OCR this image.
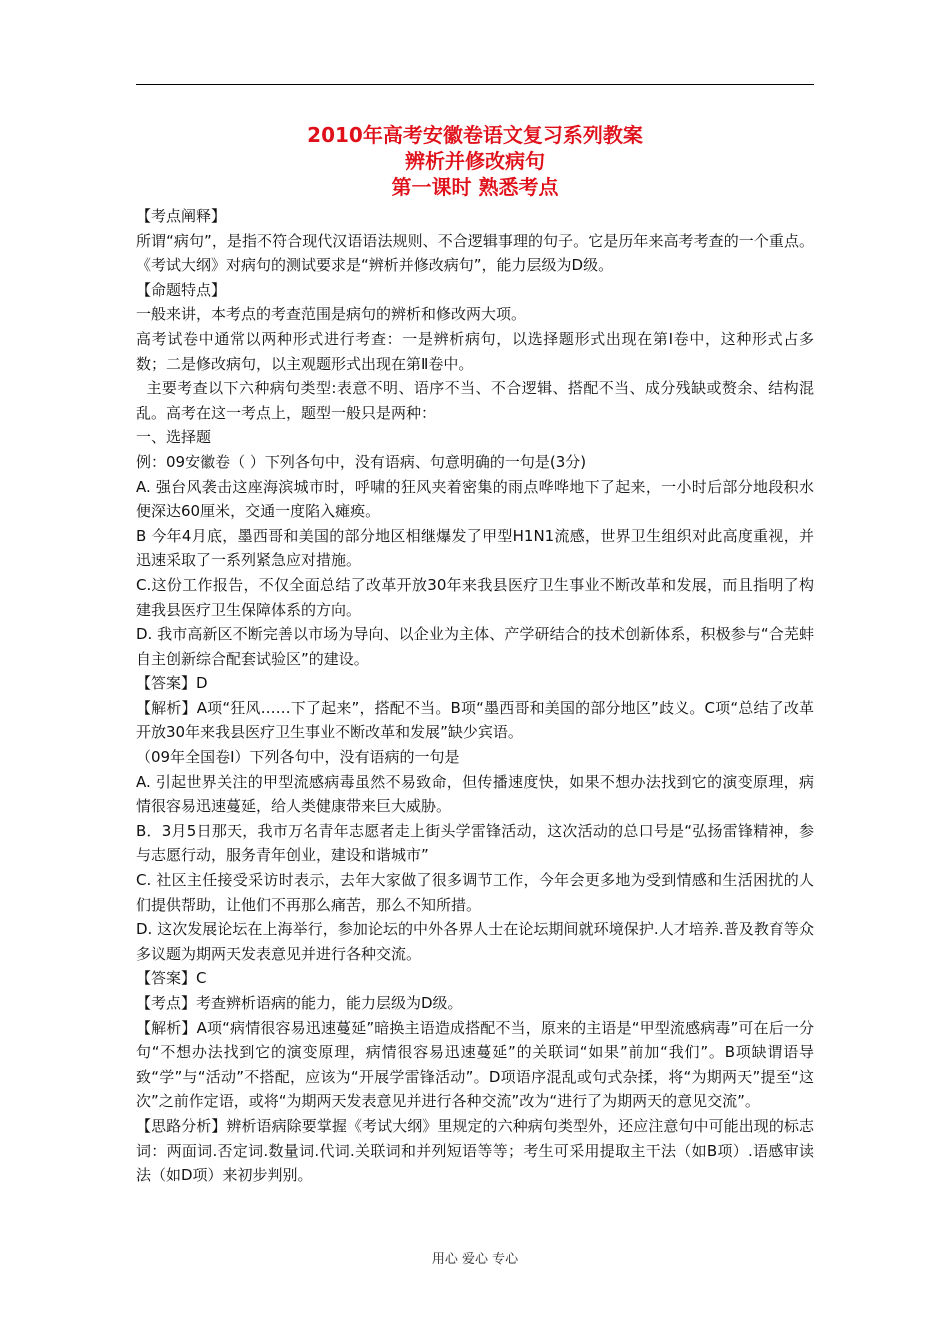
2010年高考安徽卷语文复习系列教案
辨析并修改病句
第一课时 熟悉考点

【考点阐释】

所谓“病句”，是指不符合现代汉语语法规则、不合逻辑事理的句子。它是历年来高考考查的一个重点。《考试大纲》对病句的测试要求是“辨析并修改病句”，能力层级为D级。

【命题特点】

一般来讲，本考点的考查范围是病句的辨析和修改两大项。

高考试卷中通常以两种形式进行考查：一是辨析病句，以选择题形式出现在第Ⅰ卷中，这种形式占多数；二是修改病句，以主观题形式出现在第Ⅱ卷中。

主要考查以下六种病句类型:表意不明、语序不当、不合逻辑、搭配不当、成分残缺或赘余、结构混乱。高考在这一考点上，题型一般只是两种：

一、选择题

例：09安徽卷（ ）下列各句中，没有语病、句意明确的一句是(3分)

A. 强台风袭击这座海滨城市时，呼啸的狂风夹着密集的雨点哗哗地下了起来，一小时后部分地段积水便深达60厘米，交通一度陷入瘫痪。

B 今年4月底，墨西哥和美国的部分地区相继爆发了甲型H1N1流感，世界卫生组织对此高度重视，并迅速采取了一系列紧急应对措施。

C.这份工作报告，不仅全面总结了改革开放30年来我县医疗卫生事业不断改革和发展，而且指明了构建我县医疗卫生保障体系的方向。

D. 我市高新区不断完善以市场为导向、以企业为主体、产学研结合的技术创新体系，积极参与“合芜蚌自主创新综合配套试验区”的建设。

【答案】D

【解析】A项“狂风……下了起来”，搭配不当。B项“墨西哥和美国的部分地区”歧义。C项“总结了改革开放30年来我县医疗卫生事业不断改革和发展”缺少宾语。

（09年全国卷Ⅰ）下列各句中，没有语病的一句是

A. 引起世界关注的甲型流感病毒虽然不易致命，但传播速度快，如果不想办法找到它的演变原理，病情很容易迅速蔓延，给人类健康带来巨大威胁。

B．3月5日那天，我市万名青年志愿者走上街头学雷锋活动，这次活动的总口号是“弘扬雷锋精神，参与志愿行动，服务青年创业，建设和谐城市”

C. 社区主任接受采访时表示，去年大家做了很多调节工作，今年会更多地为受到情感和生活困扰的人们提供帮助，让他们不再那么痛苦，那么不知所措。

D. 这次发展论坛在上海举行，参加论坛的中外各界人士在论坛期间就环境保护.人才培养.普及教育等众多议题为期两天发表意见并进行各种交流。

【答案】C

【考点】考查辨析语病的能力，能力层级为D级。

【解析】A项“病情很容易迅速蔓延”暗换主语造成搭配不当，原来的主语是“甲型流感病毒”可在后一分句“不想办法找到它的演变原理，病情很容易迅速蔓延”的关联词“如果”前加“我们”。B项缺谓语导致“学”与“活动”不搭配，应该为“开展学雷锋活动”。D项语序混乱或句式杂揉，将“为期两天”提至“这次”之前作定语，或将“为期两天发表意见并进行各种交流”改为“进行了为期两天的意见交流”。

【思路分析】辨析语病除要掌握《考试大纲》里规定的六种病句类型外，还应注意句中可能出现的标志词：两面词.否定词.数量词.代词.关联词和并列短语等等；考生可采用提取主干法（如B项）.语感审读法（如D项）来初步判别。

用心 爱心 专心
